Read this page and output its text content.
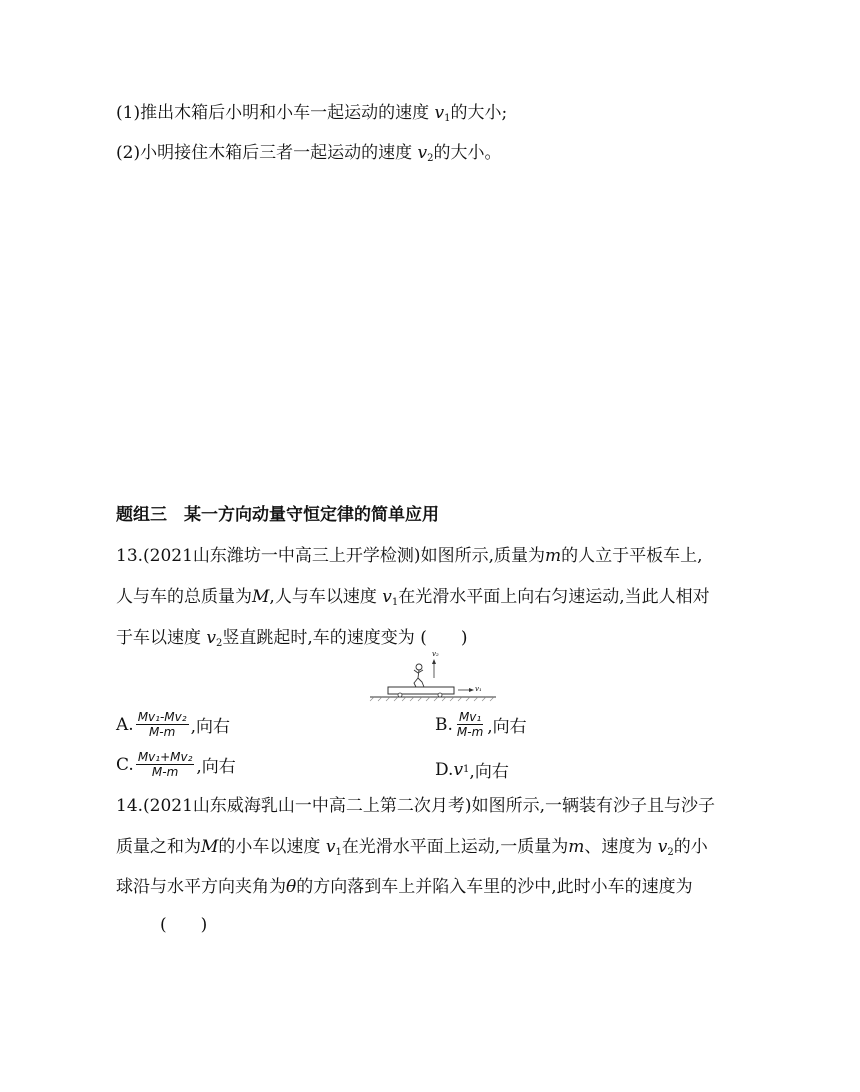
(1)推出木箱后小明和小车一起运动的速度 $v_1$的大小;
(2)小明接住木箱后三者一起运动的速度 $v_2$的大小。
题组三　某一方向动量守恒定律的简单应用
13.(2021山东潍坊一中高三上开学检测)如图所示,质量为m的人立于平板车上,
人与车的总质量为M,人与车以速度 $v_1$在光滑水平面上向右匀速运动,当此人相对
于车以速度 $v_2$竖直跳起时,车的速度变为 (　　)
v₂
v₁
A. $\frac{\text{Mv₁-Mv₂}}{M-m}$ ,向右	B. $\frac{\text{Mv₁}}{M-m}$ ,向右
C. $\frac{\text{Mv₁+Mv₂}}{M-m}$ ,向右	D. v 1 ,向右
14.(2021山东威海乳山一中高二上第二次月考)如图所示,一辆装有沙子且与沙子
质量之和为M的小车以速度 $v_1$在光滑水平面上运动,一质量为m、速度为 $v_2$的小
球沿与水平方向夹角为θ的方向落到车上并陷入车里的沙中,此时小车的速度为
(　　)
